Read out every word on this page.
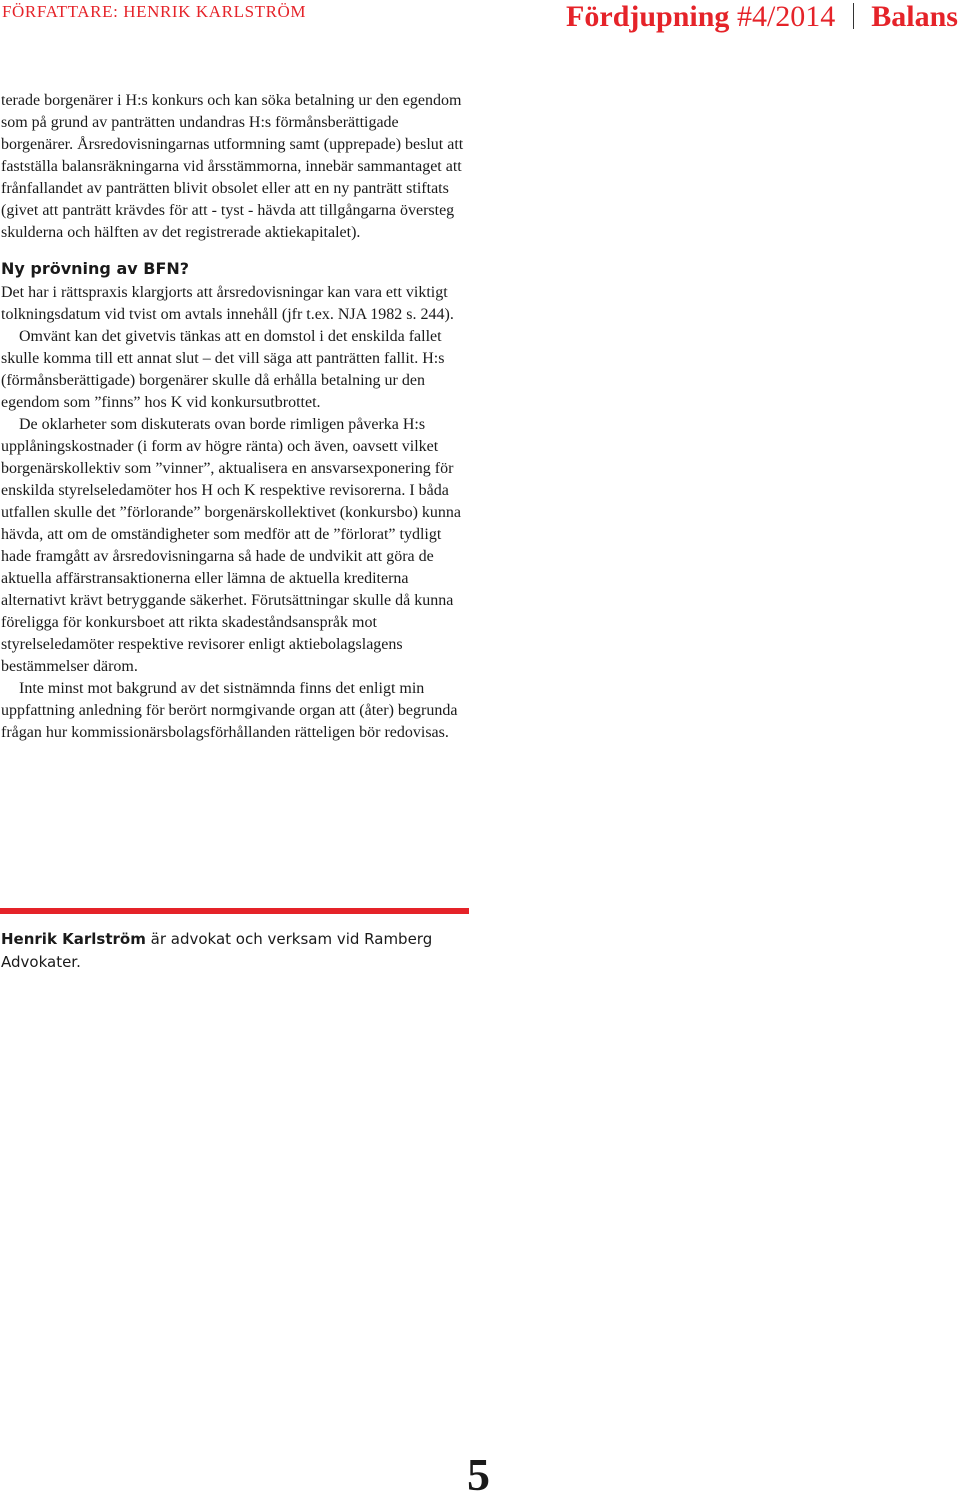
FÖRFATTARE: HENRIK KARLSTRÖM	Fördjupning #4/2014 Balans

terade borgenärer i H:s konkurs och kan söka betalning ur den egendom som på grund av panträtten undandras H:s förmånsberättigade borgenärer. Årsredovisningarnas utformning samt (upprepade) beslut att fastställa balansräkningarna vid årsstämmorna, innebär sammantaget att frånfallandet av panträtten blivit obsolet eller att en ny panträtt stiftats (givet att panträtt krävdes för att - tyst - hävda att tillgångarna översteg skulderna och hälften av det registrerade aktiekapitalet).

Ny prövning av BFN?

Det har i rättspraxis klargjorts att årsredovisningar kan vara ett viktigt tolkningsdatum vid tvist om avtals innehåll (jfr t.ex. NJA 1982 s. 244).

Omvänt kan det givetvis tänkas att en domstol i det enskilda fallet skulle komma till ett annat slut – det vill säga att panträtten fallit. H:s (förmånsberättigade) borgenärer skulle då erhålla betalning ur den egendom som ”finns” hos K vid konkursutbrottet.

De oklarheter som diskuterats ovan borde rimligen påverka H:s upplåningskostnader (i form av högre ränta) och även, oavsett vilket borgenärskollektiv som ”vinner”, aktualisera en ansvarsexponering för enskilda styrelseledamöter hos H och K respektive revisorerna. I båda utfallen skulle det ”förlorande” borgenärskollektivet (konkursbo) kunna hävda, att om de omständigheter som medför att de ”förlorat” tydligt hade framgått av årsredovisningarna så hade de undvikit att göra de aktuella affärstransaktionerna eller lämna de aktuella krediterna alternativt krävt betryggande säkerhet. Förutsättningar skulle då kunna föreligga för konkursboet att rikta skadeståndsanspråk mot styrelseledamöter respektive revisorer enligt aktiebolagslagens bestämmelser därom.

Inte minst mot bakgrund av det sistnämnda finns det enligt min uppfattning anledning för berört normgivande organ att (åter) begrunda frågan hur kommissionärsbolagsförhållanden rätteligen bör redovisas.

Henrik Karlström är advokat och verksam vid Ramberg Advokater.
5
